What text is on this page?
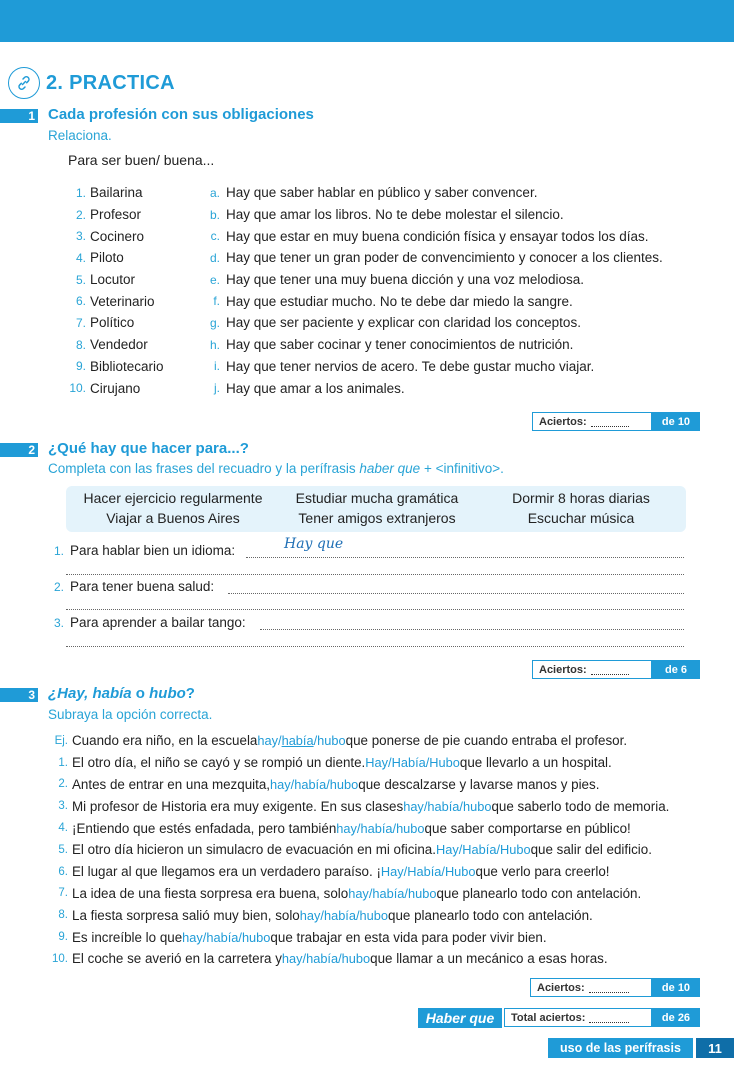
2. PRACTICA
1 Cada profesión con sus obligaciones
Relaciona.
Para ser buen/ buena...
1. Bailarina	a. Hay que saber hablar en público y saber convencer.
2. Profesor	b. Hay que amar los libros. No te debe molestar el silencio.
3. Cocinero	c. Hay que estar en muy buena condición física y ensayar todos los días.
4. Piloto	d. Hay que tener un gran poder de convencimiento y conocer a los clientes.
5. Locutor	e. Hay que tener una muy buena dicción y una voz melodiosa.
6. Veterinario	f. Hay que estudiar mucho. No te debe dar miedo la sangre.
7. Político	g. Hay que ser paciente y explicar con claridad los conceptos.
8. Vendedor	h. Hay que saber cocinar y tener conocimientos de nutrición.
9. Bibliotecario	i. Hay que tener nervios de acero. Te debe gustar mucho viajar.
10. Cirujano	j. Hay que amar a los animales.
Aciertos:	de 10
2 ¿Qué hay que hacer para...?
Completa con las frases del recuadro y la perífrasis haber que + <infinitivo>.
Hacer ejercicio regularmente	Estudiar mucha gramática	Dormir 8 horas diarias
Viajar a Buenos Aires	Tener amigos extranjeros	Escuchar música
1. Para hablar bien un idioma:	Hay que
2. Para tener buena salud:
3. Para aprender a bailar tango:
Aciertos:	de 6
3 ¿Hay, había o hubo?
Subraya la opción correcta.
Ej. Cuando era niño, en la escuela hay/había/hubo que ponerse de pie cuando entraba el profesor.
1. El otro día, el niño se cayó y se rompió un diente. Hay/Había/Hubo que llevarlo a un hospital.
2. Antes de entrar en una mezquita, hay/había/hubo que descalzarse y lavarse manos y pies.
3. Mi profesor de Historia era muy exigente. En sus clases hay/había/hubo que saberlo todo de memoria.
4. ¡Entiendo que estés enfadada, pero también hay/había/hubo que saber comportarse en público!
5. El otro día hicieron un simulacro de evacuación en mi oficina. Hay/Había/Hubo que salir del edificio.
6. El lugar al que llegamos era un verdadero paraíso. ¡ Hay/Había/Hubo que verlo para creerlo!
7. La idea de una fiesta sorpresa era buena, solo hay/había/hubo que planearlo todo con antelación.
8. La fiesta sorpresa salió muy bien, solo hay/había/hubo que planearlo todo con antelación.
9. Es increíble lo que hay/había/hubo que trabajar en esta vida para poder vivir bien.
10. El coche se averió en la carretera y hay/había/hubo que llamar a un mecánico a esas horas.
Aciertos:	de 10
Haber que	Total aciertos:	de 26
uso de las perífrasis	11
